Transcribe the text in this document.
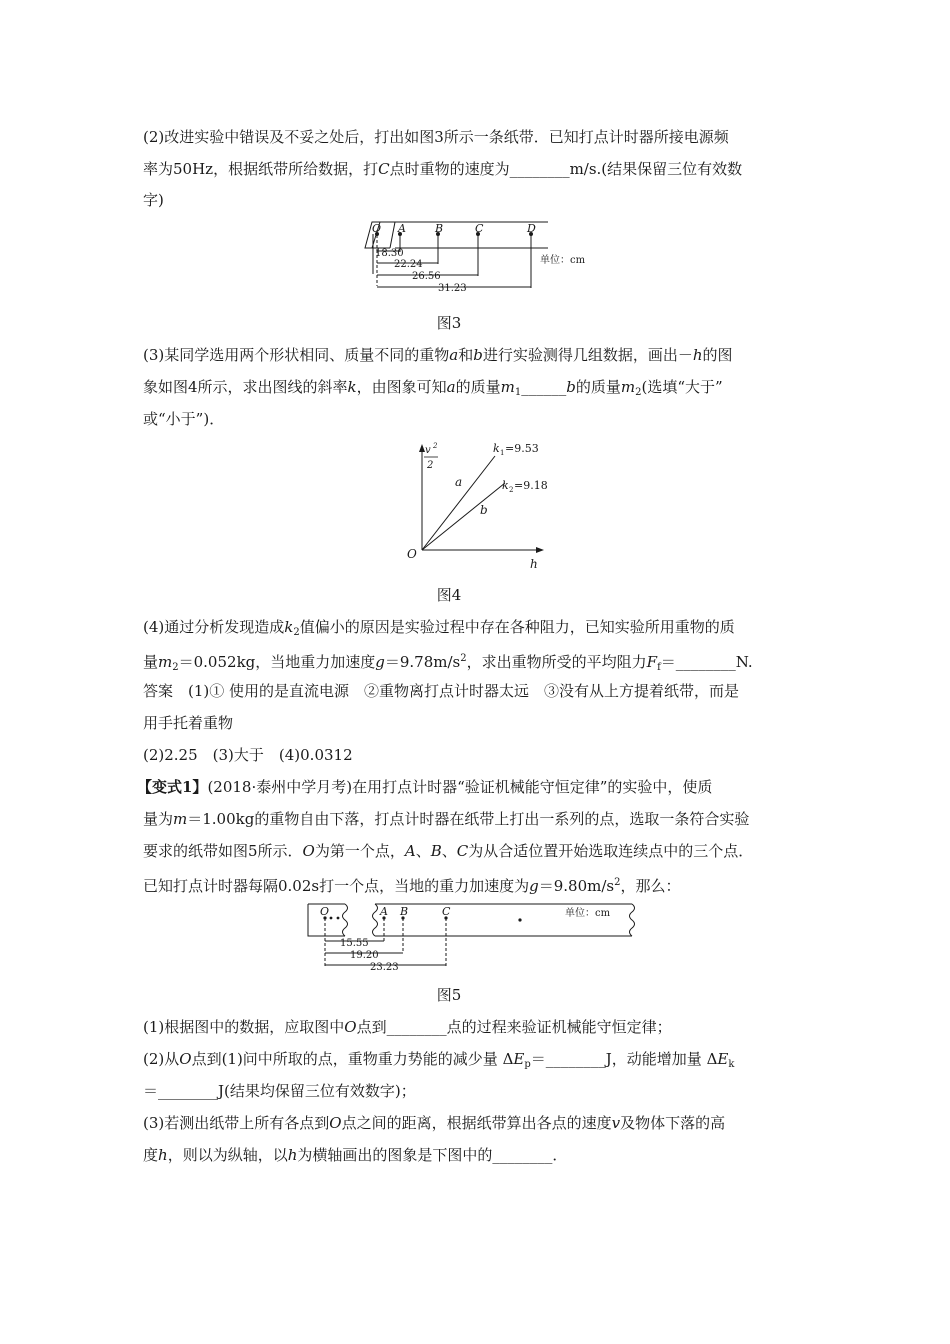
(2)改进实验中错误及不妥之处后，打出如图3所示一条纸带．已知打点计时器所接电源频
率为50Hz，根据纸带所给数据，打C点时重物的速度为________m/s.(结果保留三位有效数
字)
O A	B	C	D
18.30
22.24
26.56
31.23
单位：cm
图3
(3)某同学选用两个形状相同、质量不同的重物a和b进行实验测得几组数据，画出－h的图
象如图4所示，求出图线的斜率k，由图象可知a的质量$m_1\_\_\_\_\_\_b$的质量$m_2$(选填“大于”
或“小于”)．
v 2
2
h
O
a
b
k
k
1 =9.53
2 =9.18
图4
(4)通过分析发现造成$k_2$值偏小的原因是实验过程中存在各种阻力，已知实验所用重物的质
量$m_2=0.052kg$，当地重力加速度$g=9.78m/s^2$，求出重物所受的平均阻力$F_f=\_\_\_\_\_\_\_\_N$.
答案　(1)① 使用的是直流电源　②重物离打点计时器太远　③没有从上方提着纸带，而是
用手托着重物
(2)2.25　(3)大于　(4)0.0312
【变式1】(2018·泰州中学月考)在用打点计时器“验证机械能守恒定律”的实验中，使质
量为m＝1.00kg的重物自由下落，打点计时器在纸带上打出一系列的点，选取一条符合实验
要求的纸带如图5所示．O为第一个点，A、B、C为从合适位置开始选取连续点中的三个点．
已知打点计时器每隔0.02s打一个点，当地的重力加速度为$g=9.80m/s^2$，那么：
O	A B	C
15.55
19.20
23.23
单位：cm
图5
(1)根据图中的数据，应取图中O点到________点的过程来验证机械能守恒定律；
(2)从O点到(1)问中所取的点，重物重力势能的减少量 $\Delta E_p=\_\_\_\_\_\_\_\_J$，动能增加量 $\Delta E_k$
＝________J(结果均保留三位有效数字)；
(3)若测出纸带上所有各点到O点之间的距离，根据纸带算出各点的速度v及物体下落的高
度h，则以为纵轴，以h为横轴画出的图象是下图中的________．
